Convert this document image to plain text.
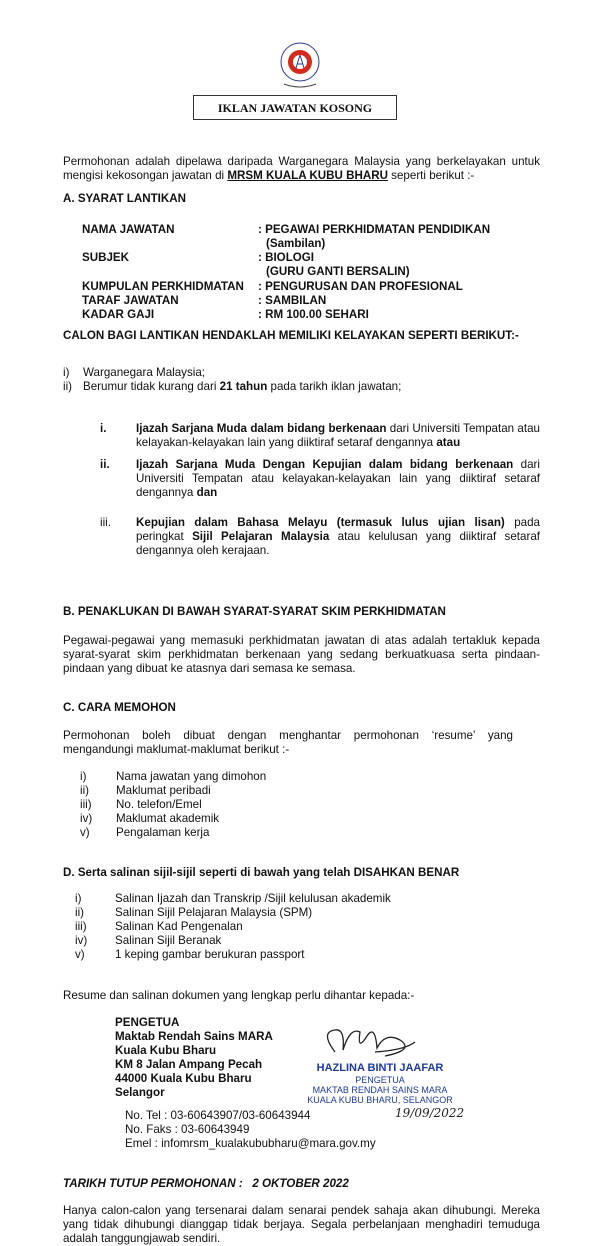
IKLAN JAWATAN KOSONG
Permohonan adalah dipelawa daripada Warganegara Malaysia yang berkelayakan untuk mengisi kekosongan jawatan di MRSM KUALA KUBU BHARU seperti berikut :-
A. SYARAT LANTIKAN
NAMA JAWATAN	: PEGAWAI PERKHIDMATAN PENDIDIKAN
(Sambilan)
SUBJEK	: BIOLOGI
(GURU GANTI BERSALIN)
KUMPULAN PERKHIDMATAN : PENGURUSAN DAN PROFESIONAL
TARAF JAWATAN	: SAMBILAN
KADAR GAJI	: RM 100.00 SEHARI
CALON BAGI LANTIKAN HENDAKLAH MEMILIKI KELAYAKAN SEPERTI BERIKUT:-
i) Warganegara Malaysia;
ii) Berumur tidak kurang dari 21 tahun pada tarikh iklan jawatan;
i.	Ijazah Sarjana Muda dalam bidang berkenaan dari Universiti Tempatan atau kelayakan-kelayakan lain yang diiktiraf setaraf dengannya atau
ii. Ijazah Sarjana Muda Dengan Kepujian dalam bidang berkenaan dari Universiti Tempatan atau kelayakan-kelayakan lain yang diiktiraf setaraf dengannya dan
iii. Kepujian dalam Bahasa Melayu (termasuk lulus ujian lisan) pada peringkat Sijil Pelajaran Malaysia atau kelulusan yang diiktiraf setaraf dengannya oleh kerajaan.
B. PENAKLUKAN DI BAWAH SYARAT-SYARAT SKIM PERKHIDMATAN
Pegawai-pegawai yang memasuki perkhidmatan jawatan di atas adalah tertakluk kepada syarat-syarat skim perkhidmatan berkenaan yang sedang berkuatkuasa serta pindaan-pindaan yang dibuat ke atasnya dari semasa ke semasa.
C. CARA MEMOHON
Permohonan boleh dibuat dengan menghantar permohonan ‘resume’ yang mengandungi maklumat-maklumat berikut :-
i)	Nama jawatan yang dimohon
ii) Maklumat peribadi
iii) No. telefon/Emel
iv) Maklumat akademik
v) Pengalaman kerja
D. Serta salinan sijil-sijil seperti di bawah yang telah DISAHKAN BENAR
i)	Salinan Ijazah dan Transkrip /Sijil kelulusan akademik
ii)	Salinan Sijil Pelajaran Malaysia (SPM)
iii) Salinan Kad Pengenalan
iv) Salinan Sijil Beranak
v)	1 keping gambar berukuran passport
Resume dan salinan dokumen yang lengkap perlu dihantar kepada:-
PENGETUA
Maktab Rendah Sains MARA
Kuala Kubu Bharu
KM 8 Jalan Ampang Pecah
44000 Kuala Kubu Bharu
Selangor
HAZLINA BINTI JAAFAR
PENGETUA
MAKTAB RENDAH SAINS MARA
KUALA KUBU BHARU, SELANGOR
19/09/2022
No. Tel : 03-60643907/03-60643944
No. Faks : 03-60643949
Emel : infomrsm_kualakububharu@mara.gov.my
TARIKH TUTUP PERMOHONAN : 2 OKTOBER 2022
Hanya calon-calon yang tersenarai dalam senarai pendek sahaja akan dihubungi. Mereka yang tidak dihubungi dianggap tidak berjaya. Segala perbelanjaan menghadiri temuduga adalah tanggungjawab sendiri.
